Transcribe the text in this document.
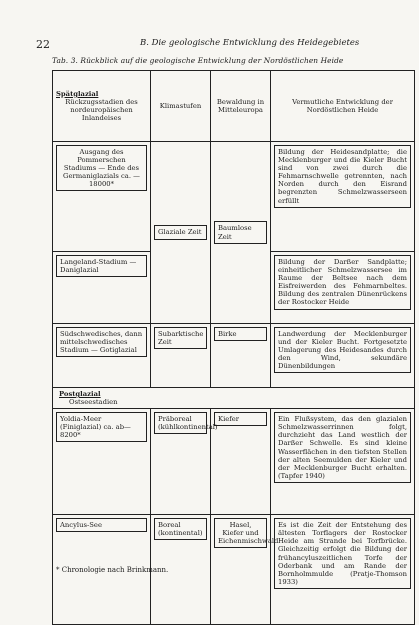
22	B. Die geologische Entwicklung des Heidegebietes
Tab. 3. Rückblick auf die geologische Entwicklung der Nordöstlichen Heide
Spätglazial

Rückzugsstadien des nordeuropäischen Inlandeises	Klimastufen	Bewaldung in Mitteleuropa	Vermutliche Entwicklung der Nordöstlichen Heide

Ausgang des Pommerschen Stadiums — Ende des Germaniglazials ca. — 18000*	Glaziale Zeit	Baumlose Zeit	Bildung der Heidesandplatte; die Mecklenburger und die Kieler Bucht sind von zwei durch die Fehmarnschwelle getrennten, nach Norden durch den Eisrand begrenzten Schmelzwasserseen erfüllt

Langeland-Stadium — Daniglazial			Bildung der Darßer Sandplatte; einheitlicher Schmelzwassersee im Raume der Beltsee nach dem Eisfreiwerden des Fehmarnbeltes. Bildung des zentralen Dünenrückens der Rostocker Heide

Südschwedisches, dann mittelschwedisches Stadium — Gotiglazial	Subarktische Zeit	Birke	Landwerdung der Mecklenburger und der Kieler Bucht. Fortgesetzte Umlagerung des Heidesandes durch den Wind, sekundäre Dünenbildungen

Postglazial
Ostseestadien			

Yoldia-Meer (Finiglazial) ca. ab—8200*	Präboreal (kühlkontinental)	Kiefer	Ein Flußsystem, das den glazialen Schmelzwasserrinnen folgt, durchzieht das Land westlich der Darßer Schwelle. Es sind kleine Wasserflächen in den tiefsten Stellen der alten Seemulden der Kieler und der Mecklenburger Bucht erhalten. (Tapfer 1940)

Ancylus-See	Boreal (kontinental)	Hasel, Kiefer und Eichenmischwald	Es ist die Zeit der Entstehung des ältesten Torflagers der Rostocker Heide am Strande bei Torfbrücke. Gleichzeitig erfolgt die Bildung der frühancyluszeitlichen Torfe der Oderbank und am Rande der Bornholmmulde (Pratje-Thomson 1933)
* Chronologie nach Brinkmann.
